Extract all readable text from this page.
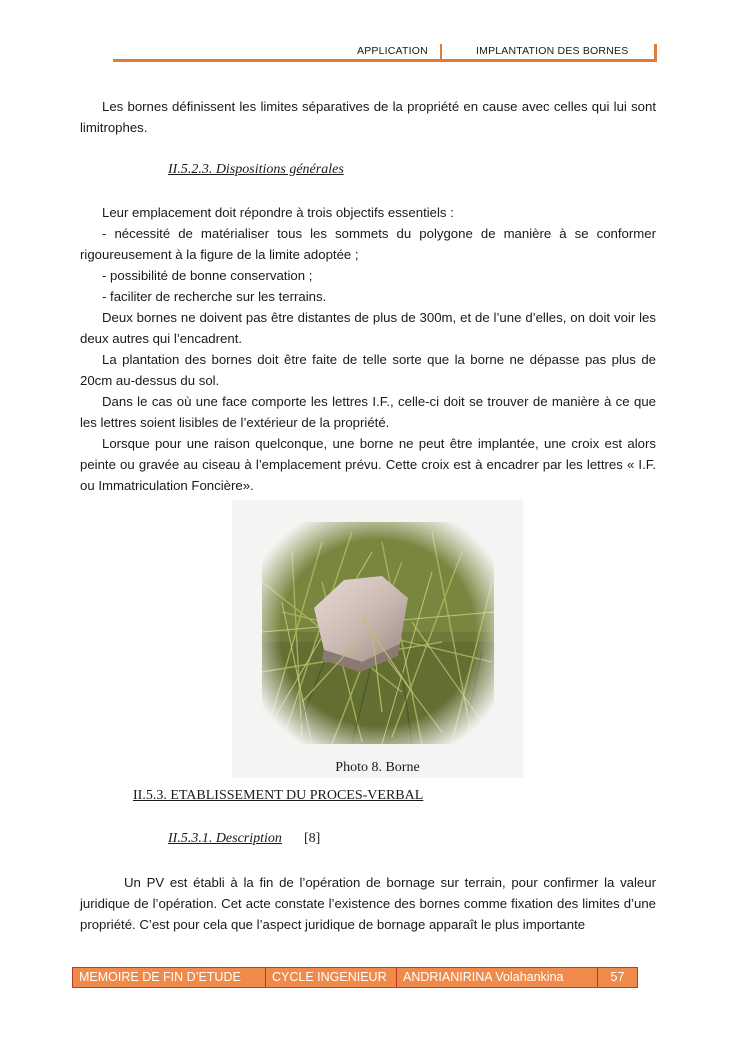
APPLICATION	IMPLANTATION DES BORNES

Les bornes définissent les limites séparatives de la propriété en cause avec celles qui lui sont limitrophes.

II.5.2.3. Dispositions générales

Leur emplacement doit répondre à trois objectifs essentiels :

- nécessité de matérialiser tous les sommets du polygone de manière à se conformer rigoureusement à la figure de la limite adoptée ;

- possibilité de bonne conservation ;

- faciliter de recherche sur les terrains.

Deux bornes ne doivent pas être distantes de plus de 300m, et de l’une d’elles, on doit voir les deux autres qui l’encadrent.

La plantation des bornes doit être faite de telle sorte que la borne ne dépasse pas plus de 20cm au-dessus du sol.

Dans le cas où une face comporte les lettres I.F., celle-ci doit se trouver de manière à ce que les lettres soient lisibles de l’extérieur de la propriété.

Lorsque pour une raison quelconque, une borne ne peut être implantée, une croix est alors peinte ou gravée au ciseau à l’emplacement prévu. Cette croix est à encadrer par les lettres « I.F. ou Immatriculation Foncière».

Photo 8. Borne
II.5.3. ETABLISSEMENT DU PROCES-VERBAL
II.5.3.1. Description [8]

Un PV est établi à la fin de l’opération de bornage sur terrain, pour confirmer la valeur juridique de l’opération. Cet acte constate l’existence des bornes comme fixation des limites d’une propriété. C’est pour cela que l’aspect juridique de bornage apparaît le plus importante

MEMOIRE DE FIN D’ETUDE	CYCLE INGENIEUR	ANDRIANIRINA Volahankina	57
